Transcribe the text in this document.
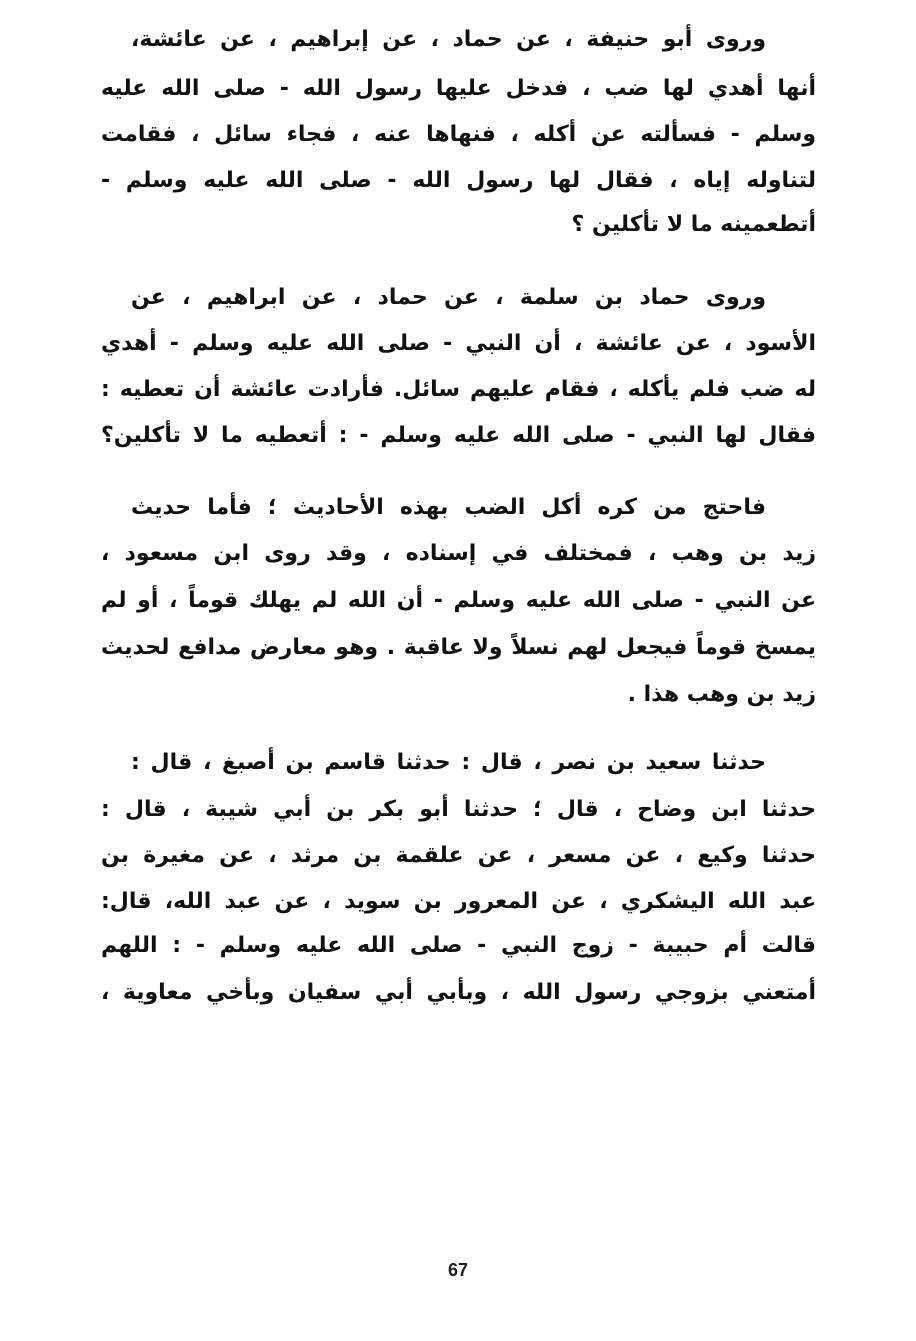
وروى أبو حنيفة ، عن حماد ، عن إبراهيم ، عن عائشة،
أنها أهدي لها ضب ، فدخل عليها رسول الله - صلى الله عليه
وسلم - فسألته عن أكله ، فنهاها عنه ، فجاء سائل ، فقامت
لتناوله إياه ، فقال لها رسول الله - صلى الله عليه وسلم -
أتطعمينه ما لا تأكلين ؟
وروى حماد بن سلمة ، عن حماد ، عن ابراهيم ، عن
الأسود ، عن عائشة ، أن النبي - صلى الله عليه وسلم - أهدي
له ضب فلم يأكله ، فقام عليهم سائل. فأرادت عائشة أن تعطيه :
فقال لها النبي - صلى الله عليه وسلم - : أتعطيه ما لا تأكلين؟
فاحتج من كره أكل الضب بهذه الأحاديث ؛ فأما حديث
زيد بن وهب ، فمختلف في إسناده ، وقد روى ابن مسعود ،
عن النبي - صلى الله عليه وسلم - أن الله لم يهلك قوماً ، أو لم
يمسخ قوماً فيجعل لهم نسلاً ولا عاقبة . وهو معارض مدافع لحديث
زيد بن وهب هذا .
حدثنا سعيد بن نصر ، قال : حدثنا قاسم بن أصبغ ، قال :
حدثنا ابن وضاح ، قال ؛ حدثنا أبو بكر بن أبي شيبة ، قال :
حدثنا وكيع ، عن مسعر ، عن علقمة بن مرثد ، عن مغيرة بن
عبد الله اليشكري ، عن المعرور بن سويد ، عن عبد الله، قال:
قالت أم حبيبة - زوج النبي - صلى الله عليه وسلم - : اللهم
أمتعني بزوجي رسول الله ، وبأبي أبي سفيان وبأخي معاوية ،
67
